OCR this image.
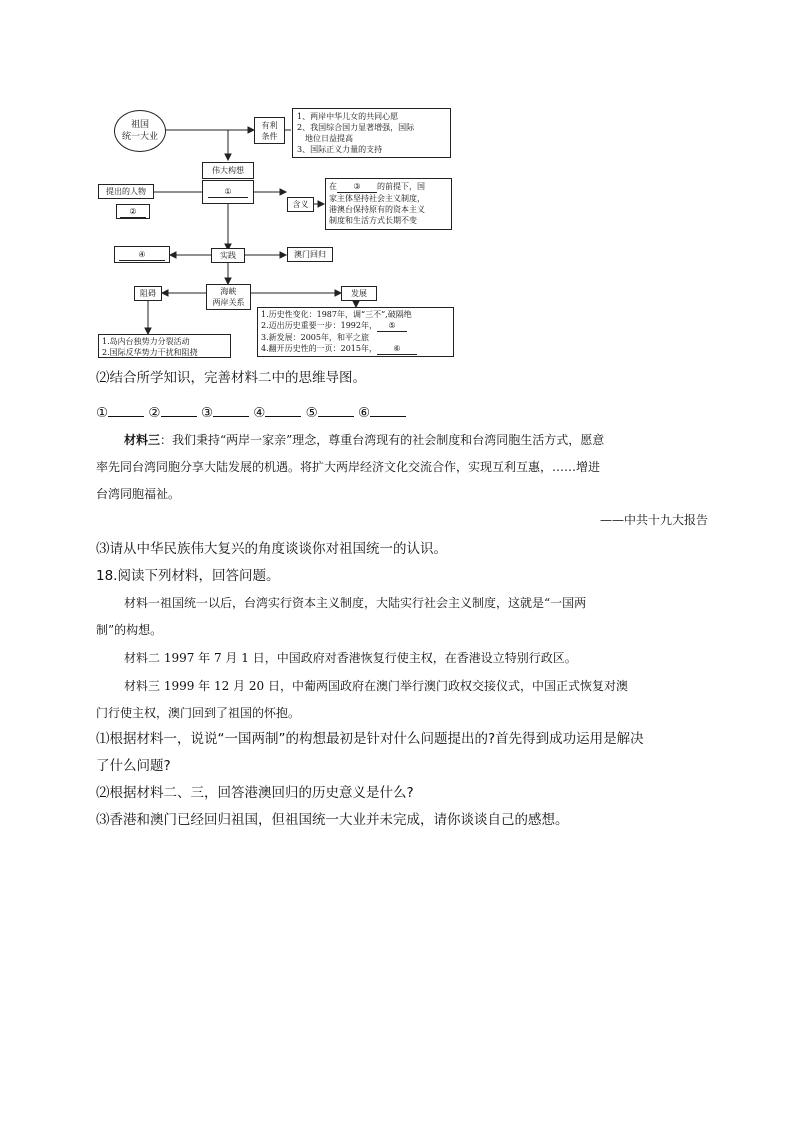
祖国
统一大业
有利
条件
1、两岸中华儿女的共同心愿
2、我国综合国力显著增强，国际
地位日益提高
3、国际正义力量的支持
伟大构想
①
提出的人物
②
含义
在 ③ 的前提下，国
家主体坚持社会主义制度，
港澳台保持原有的资本主义
制度和生活方式长期不变
④	实践	澳门回归
海峡
两岸关系
阻碍
1.岛内台独势力分裂活动
2.国际反华势力干扰和阻挠
发展
1.历史性变化：1987年，调“三不”,破隔绝
2.迈出历史重要一步：1992年， ⑤
3.新发展：2005年，和平之旅
4.翻开历史性的一页：2015年， ⑥
⑵结合所学知识，完善材料二中的思维导图。
①	②	③	④	⑤	⑥
材料三：我们秉持“两岸一家亲”理念，尊重台湾现有的社会制度和台湾同胞生活方式，愿意
率先同台湾同胞分享大陆发展的机遇。将扩大两岸经济文化交流合作，实现互利互惠，……增进
台湾同胞福祉。
——中共十九大报告
⑶请从中华民族伟大复兴的角度谈谈你对祖国统一的认识。
18.阅读下列材料，回答问题。
材料一祖国统一以后，台湾实行资本主义制度，大陆实行社会主义制度，这就是“一国两
制”的构想。
材料二 1997 年 7 月 1 日，中国政府对香港恢复行使主权，在香港设立特别行政区。
材料三 1999 年 12 月 20 日，中葡两国政府在澳门举行澳门政权交接仪式，中国正式恢复对澳
门行使主权，澳门回到了祖国的怀抱。
⑴根据材料一，说说“一国两制”的构想最初是针对什么问题提出的?首先得到成功运用是解决
了什么问题?
⑵根据材料二、三，回答港澳回归的历史意义是什么?
⑶香港和澳门已经回归祖国，但祖国统一大业并未完成，请你谈谈自己的感想。
